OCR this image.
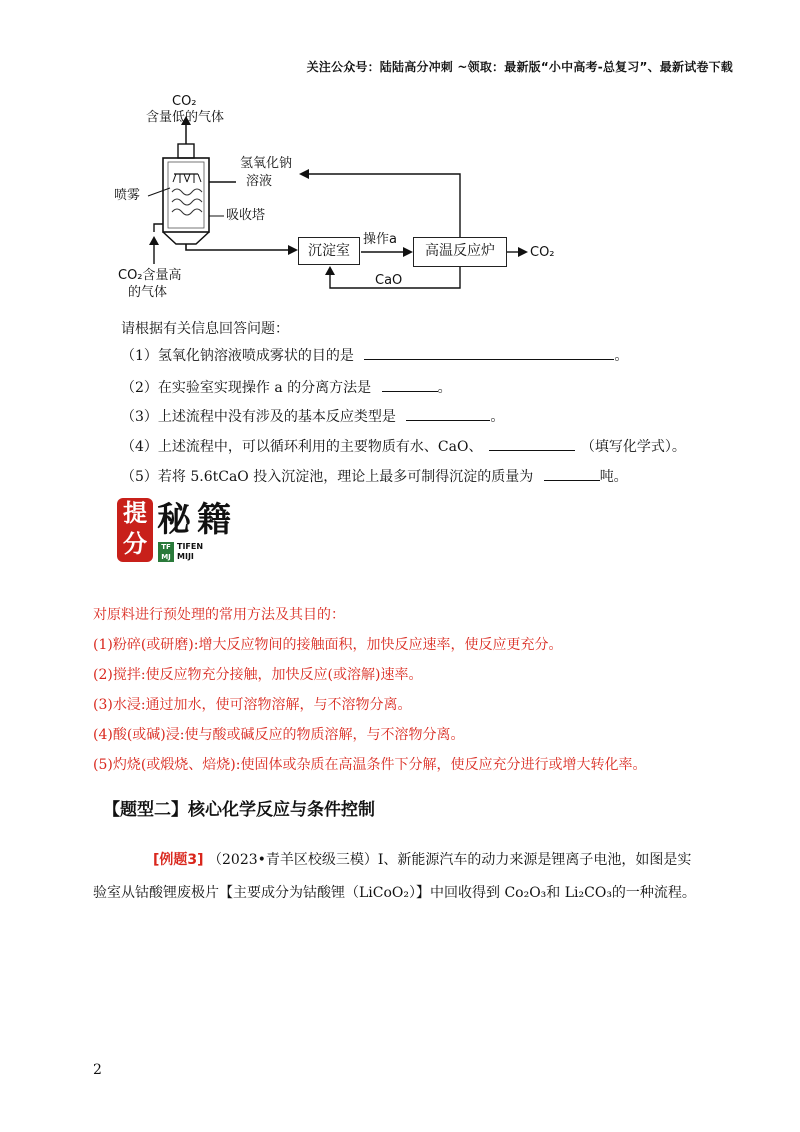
关注公众号：陆陆高分冲刺 ~领取：最新版“小中高考-总复习”、最新试卷下载
CO₂
含量低的气体
氢氧化钠
溶液
喷雾
吸收塔
CO₂含量高
的气体
沉淀室
操作a
高温反应炉	CO₂
CaO
请根据有关信息回答问题：
（1）氢氧化钠溶液喷成雾状的目的是	。
（2）在实验室实现操作 a 的分离方法是	。
（3）上述流程中没有涉及的基本反应类型是	。
（4）上述流程中，可以循环利用的主要物质有水、CaO、	（填写化学式）。
（5）若将 5.6tCaO 投入沉淀池，理论上最多可制得沉淀的质量为	吨。
提
分
秘 籍
TF
MJ
TIFEN
MIJI
对原料进行预处理的常用方法及其目的：
(1)粉碎(或研磨):增大反应物间的接触面积，加快反应速率，使反应更充分。
(2)搅拌:使反应物充分接触，加快反应(或溶解)速率。
(3)水浸:通过加水，使可溶物溶解，与不溶物分离。
(4)酸(或碱)浸:使与酸或碱反应的物质溶解，与不溶物分离。
(5)灼烧(或煅烧、焙烧):使固体或杂质在高温条件下分解，使反应充分进行或增大转化率。
【题型二】核心化学反应与条件控制
[例题3] （2023•青羊区校级三模）Ⅰ、新能源汽车的动力来源是锂离子电池，如图是实验室从钴酸锂废极片【主要成分为钴酸锂（LiCoO₂）】中回收得到 Co₂O₃和 Li₂CO₃的一种流程。
2
